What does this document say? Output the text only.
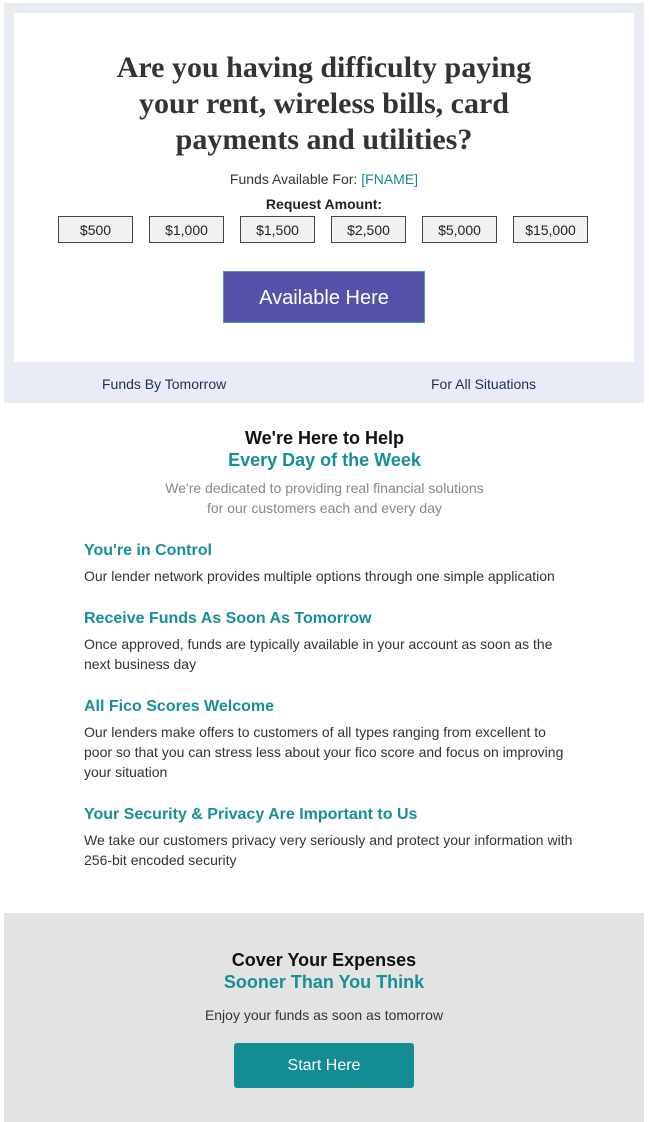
Are you having difficulty paying
your rent, wireless bills, card
payments and utilities?
Funds Available For: [FNAME]
Request Amount:
$500	$1,000	$1,500	$2,500	$5,000	$15,000
Available Here
Funds By Tomorrow	For All Situations
We're Here to Help
Every Day of the Week
We're dedicated to providing real financial solutions
for our customers each and every day
You're in Control

Our lender network provides multiple options through one simple application

Receive Funds As Soon As Tomorrow

Once approved, funds are typically available in your account as soon as the next business day

All Fico Scores Welcome

Our lenders make offers to customers of all types ranging from excellent to poor so that you can stress less about your fico score and focus on improving your situation

Your Security & Privacy Are Important to Us

We take our customers privacy very seriously and protect your information with 256-bit encoded security

Cover Your Expenses
Sooner Than You Think
Enjoy your funds as soon as tomorrow
Start Here
